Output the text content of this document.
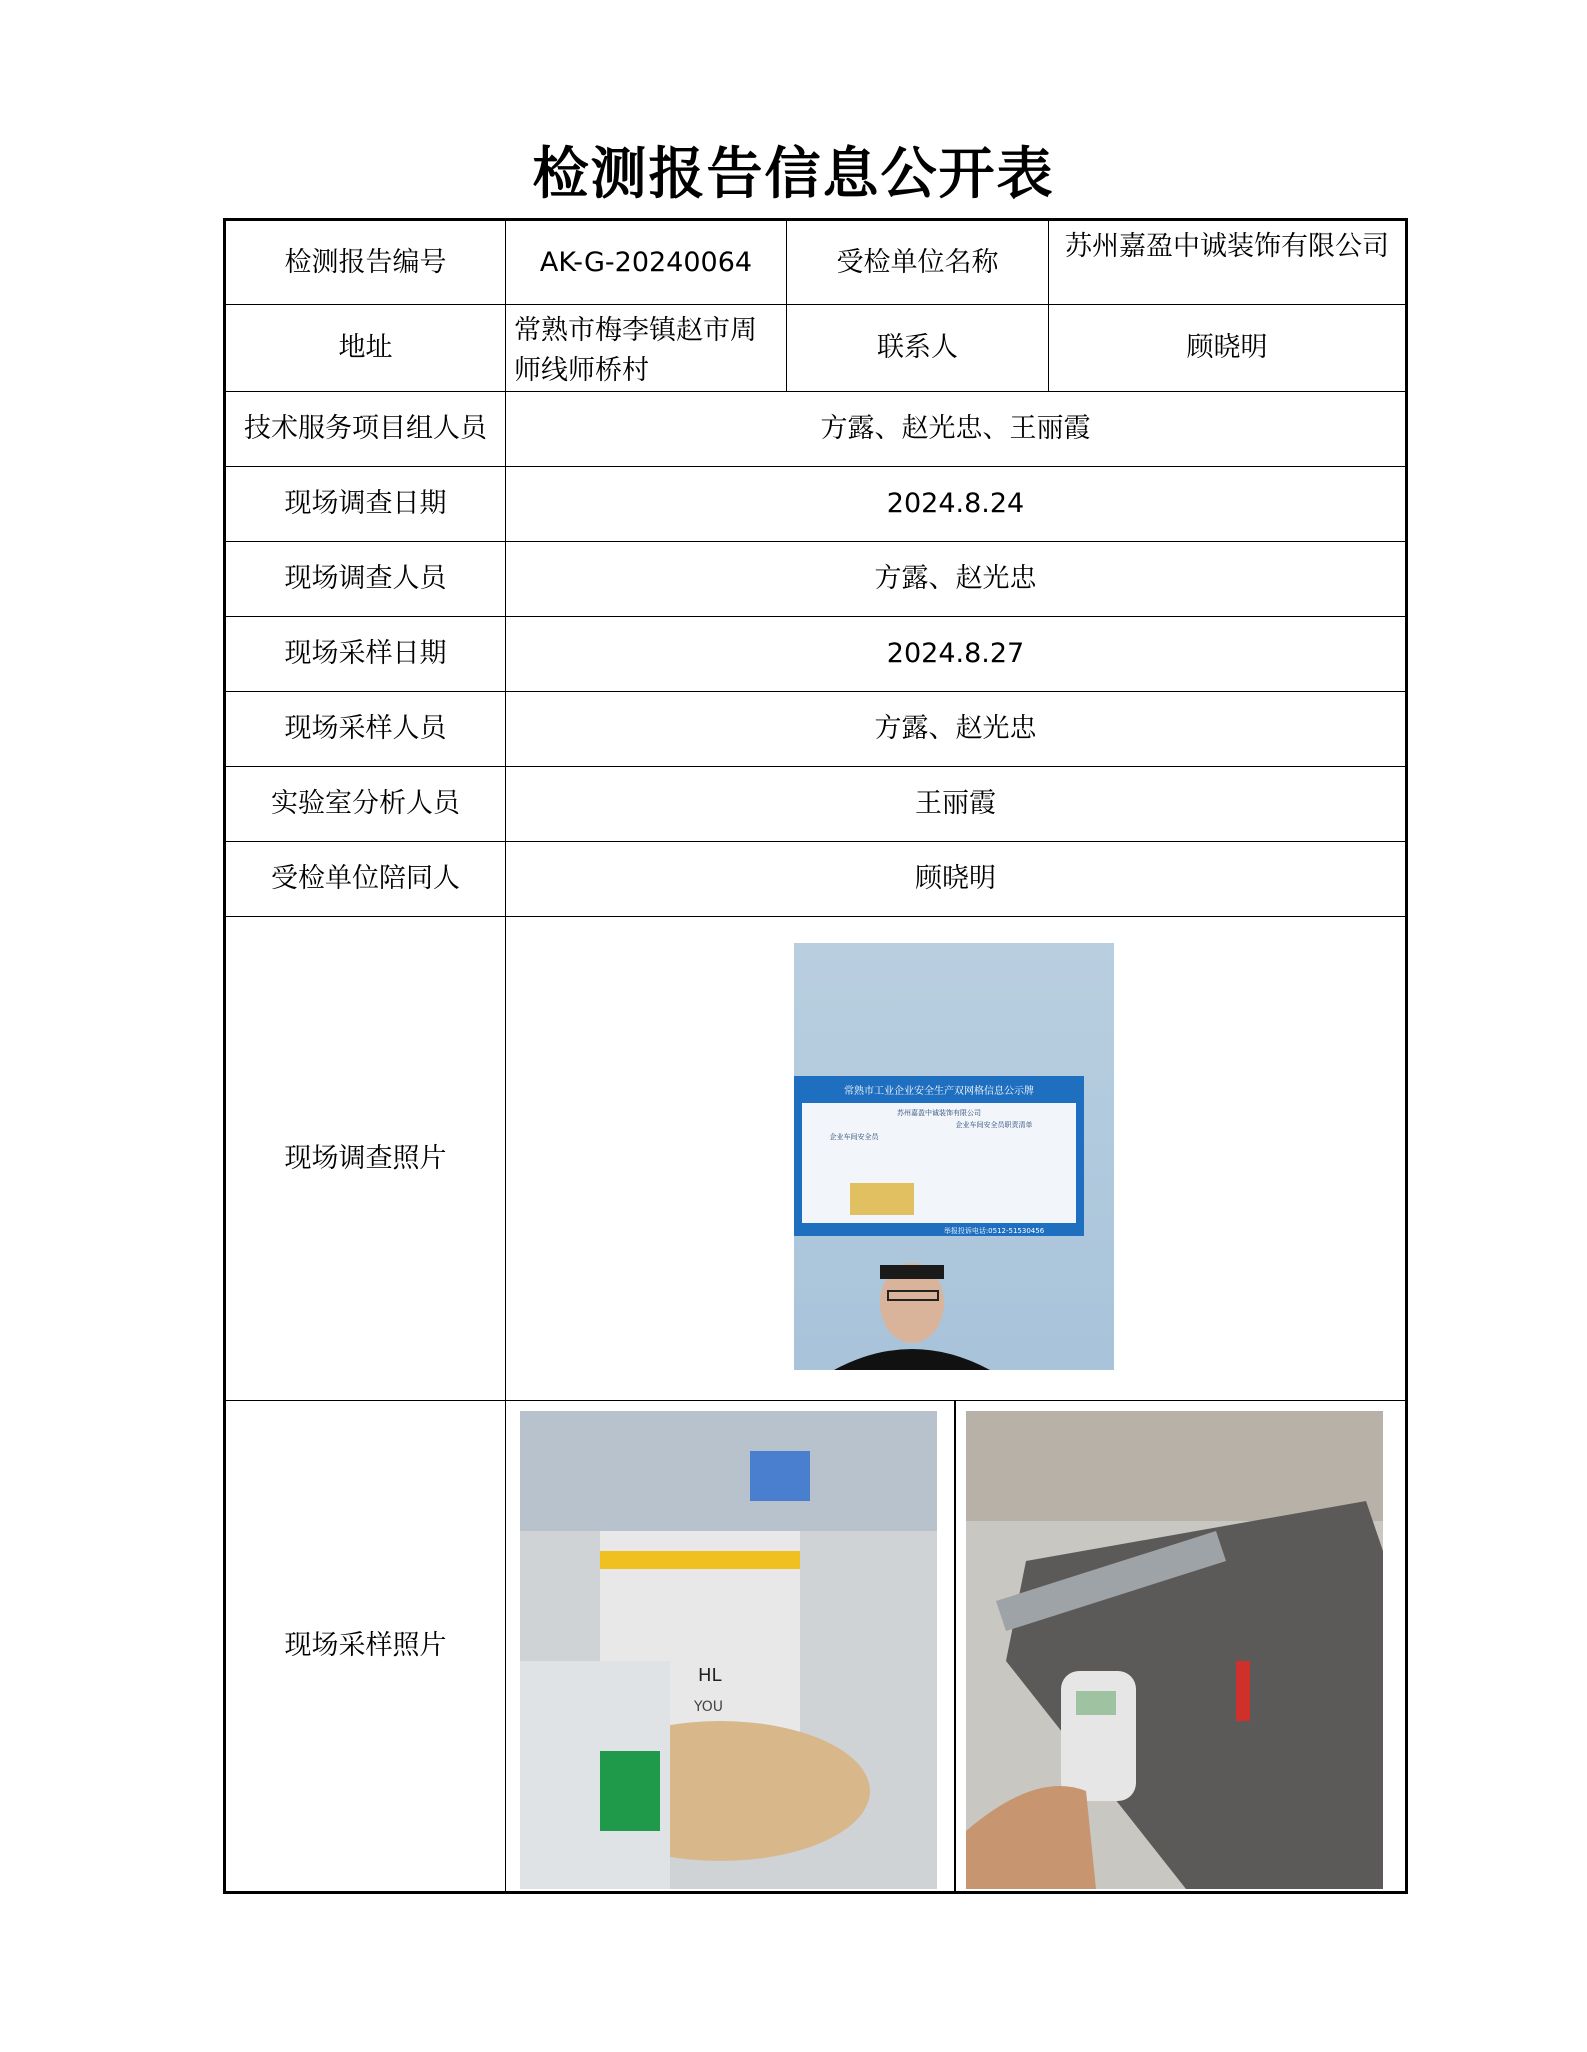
检测报告信息公开表
检测报告编号	AK-G-20240064	受检单位名称	苏州嘉盈中诚装饰有限公司
地址	常熟市梅李镇赵市周师线师桥村	联系人	顾晓明
技术服务项目组人员	方露、赵光忠、王丽霞		
现场调查日期	2024.8.24		
现场调查人员	方露、赵光忠		
现场采样日期	2024.8.27		
现场采样人员	方露、赵光忠		
实验室分析人员	王丽霞		
受检单位陪同人	顾晓明		
现场调查照片	常熟市工业企业安全生产双网格信息公示牌
苏州嘉盈中诚装饰有限公司
企业车间安全员
企业车间安全员职责清单
举报投诉电话:0512-51530456		

现场采样照片	HL
YOU		
